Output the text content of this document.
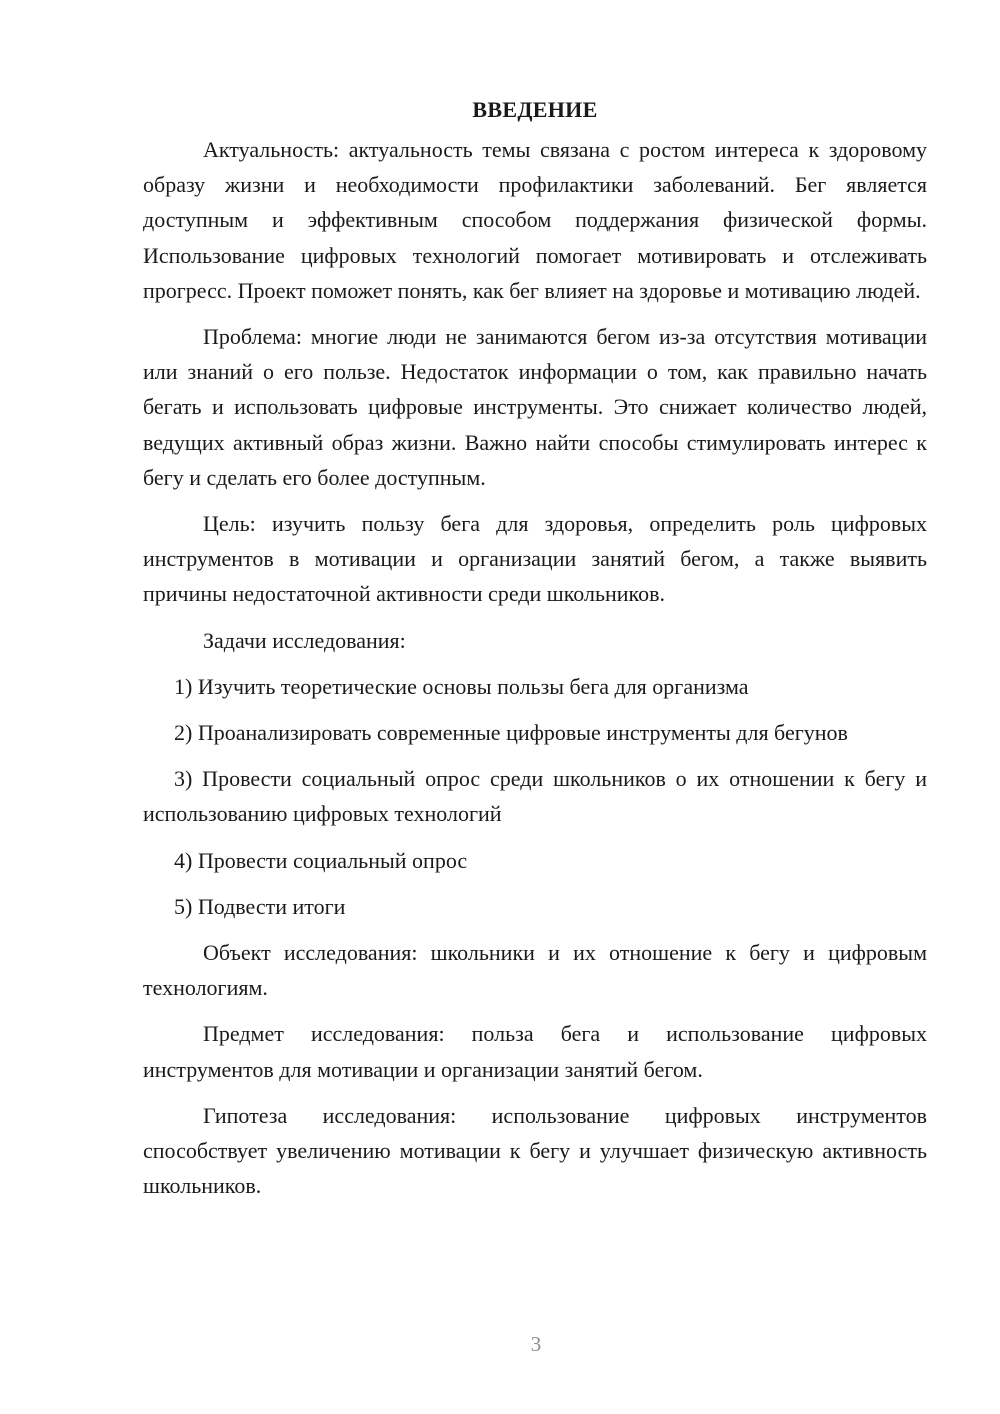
ВВЕДЕНИЕ

Актуальность: актуальность темы связана с ростом интереса к здоровому образу жизни и необходимости профилактики заболеваний. Бег является доступным и эффективным способом поддержания физической формы. Использование цифровых технологий помогает мотивировать и отслеживать прогресс. Проект поможет понять, как бег влияет на здоровье и мотивацию людей.

Проблема: многие люди не занимаются бегом из-за отсутствия мотивации или знаний о его пользе. Недостаток информации о том, как правильно начать бегать и использовать цифровые инструменты. Это снижает количество людей, ведущих активный образ жизни. Важно найти способы стимулировать интерес к бегу и сделать его более доступным.

Цель: изучить пользу бега для здоровья, определить роль цифровых инструментов в мотивации и организации занятий бегом, а также выявить причины недостаточной активности среди школьников.

Задачи исследования:

1) Изучить теоретические основы пользы бега для организма

2) Проанализировать современные цифровые инструменты для бегунов

3) Провести социальный опрос среди школьников о их отношении к бегу и использованию цифровых технологий

4) Провести социальный опрос

5) Подвести итоги

Объект исследования: школьники и их отношение к бегу и цифровым технологиям.

Предмет исследования: польза бега и использование цифровых инструментов для мотивации и организации занятий бегом.

Гипотеза исследования: использование цифровых инструментов способствует увеличению мотивации к бегу и улучшает физическую активность школьников.

3
